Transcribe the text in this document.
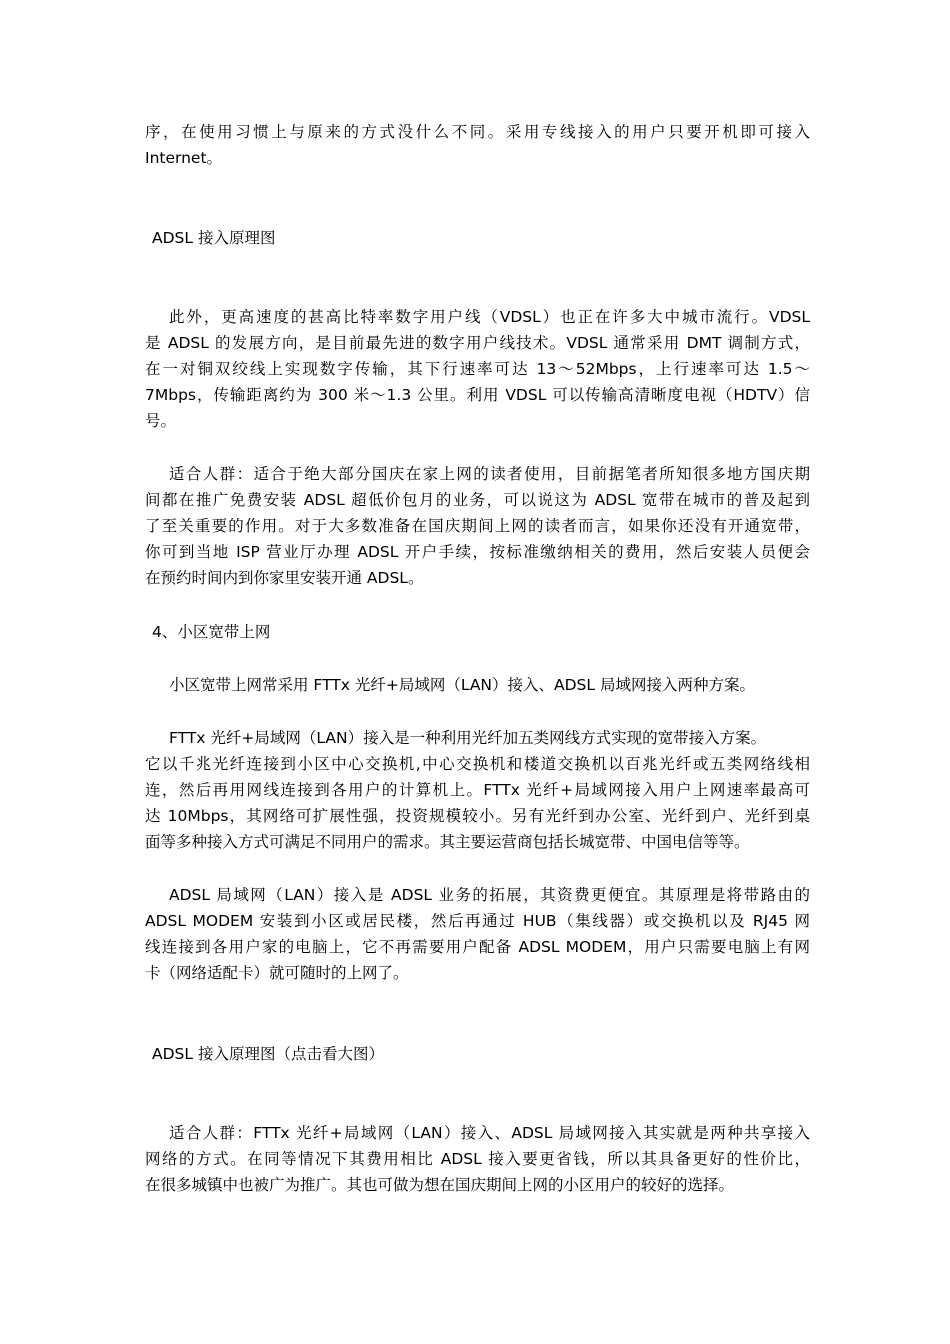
序，在使用习惯上与原来的方式没什么不同。采用专线接入的用户只要开机即可接入
Internet。
ADSL 接入原理图
此外，更高速度的甚高比特率数字用户线（VDSL）也正在许多大中城市流行。VDSL
是 ADSL 的发展方向，是目前最先进的数字用户线技术。VDSL 通常采用 DMT 调制方式，
在一对铜双绞线上实现数字传输，其下行速率可达 13～52Mbps，上行速率可达 1.5～
7Mbps，传输距离约为 300 米～1.3 公里。利用 VDSL 可以传输高清晰度电视（HDTV）信
号。
适合人群：适合于绝大部分国庆在家上网的读者使用，目前据笔者所知很多地方国庆期
间都在推广免费安装 ADSL 超低价包月的业务，可以说这为 ADSL 宽带在城市的普及起到
了至关重要的作用。对于大多数准备在国庆期间上网的读者而言，如果你还没有开通宽带，
你可到当地 ISP 营业厅办理 ADSL 开户手续，按标准缴纳相关的费用，然后安装人员便会
在预约时间内到你家里安装开通 ADSL。
4、小区宽带上网
小区宽带上网常采用 FTTx 光纤+局域网（LAN）接入、ADSL 局域网接入两种方案。
FTTx 光纤+局域网（LAN）接入是一种利用光纤加五类网线方式实现的宽带接入方案。
它以千兆光纤连接到小区中心交换机,中心交换机和楼道交换机以百兆光纤或五类网络线相
连，然后再用网线连接到各用户的计算机上。FTTx 光纤+局域网接入用户上网速率最高可
达 10Mbps，其网络可扩展性强，投资规模较小。另有光纤到办公室、光纤到户、光纤到桌
面等多种接入方式可满足不同用户的需求。其主要运营商包括长城宽带、中国电信等等。
ADSL 局域网（LAN）接入是 ADSL 业务的拓展，其资费更便宜。其原理是将带路由的
ADSL MODEM 安装到小区或居民楼，然后再通过 HUB（集线器）或交换机以及 RJ45 网
线连接到各用户家的电脑上，它不再需要用户配备 ADSL MODEM，用户只需要电脑上有网
卡（网络适配卡）就可随时的上网了。
ADSL 接入原理图（点击看大图）
适合人群：FTTx 光纤+局域网（LAN）接入、ADSL 局域网接入其实就是两种共享接入
网络的方式。在同等情况下其费用相比 ADSL 接入要更省钱，所以其具备更好的性价比，
在很多城镇中也被广为推广。其也可做为想在国庆期间上网的小区用户的较好的选择。
